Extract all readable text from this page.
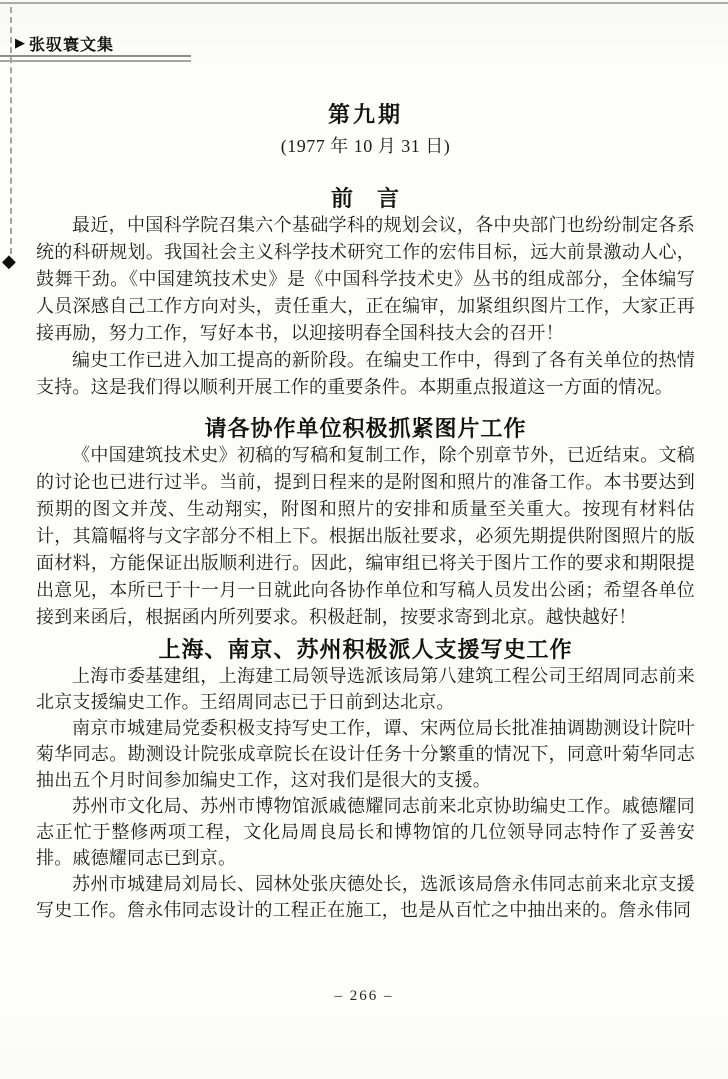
◆
▶ 张驭寰文集
第九期

(1977 年 10 月 31 日)

前　言

最近，中国科学院召集六个基础学科的规划会议，各中央部门也纷纷制定各系统的科研规划。我国社会主义科学技术研究工作的宏伟目标，远大前景激动人心，鼓舞干劲。《中国建筑技术史》是《中国科学技术史》丛书的组成部分，全体编写人员深感自己工作方向对头，责任重大，正在编审，加紧组织图片工作，大家正再接再励，努力工作，写好本书，以迎接明春全国科技大会的召开！

编史工作已进入加工提高的新阶段。在编史工作中，得到了各有关单位的热情支持。这是我们得以顺利开展工作的重要条件。本期重点报道这一方面的情况。

请各协作单位积极抓紧图片工作

《中国建筑技术史》初稿的写稿和复制工作，除个别章节外，已近结束。文稿的讨论也已进行过半。当前，提到日程来的是附图和照片的准备工作。本书要达到预期的图文并茂、生动翔实，附图和照片的安排和质量至关重大。按现有材料估计，其篇幅将与文字部分不相上下。根据出版社要求，必须先期提供附图照片的版面材料，方能保证出版顺利进行。因此，编审组已将关于图片工作的要求和期限提出意见，本所已于十一月一日就此向各协作单位和写稿人员发出公函；希望各单位接到来函后，根据函内所列要求。积极赶制，按要求寄到北京。越快越好！

上海、南京、苏州积极派人支援写史工作

上海市委基建组，上海建工局领导选派该局第八建筑工程公司王绍周同志前来北京支援编史工作。王绍周同志已于日前到达北京。

南京市城建局党委积极支持写史工作，谭、宋两位局长批准抽调勘测设计院叶菊华同志。勘测设计院张成章院长在设计任务十分繁重的情况下，同意叶菊华同志抽出五个月时间参加编史工作，这对我们是很大的支援。

苏州市文化局、苏州市博物馆派戚德耀同志前来北京协助编史工作。戚德耀同志正忙于整修两项工程，文化局周良局长和博物馆的几位领导同志特作了妥善安排。戚德耀同志已到京。

苏州市城建局刘局长、园林处张庆德处长，选派该局詹永伟同志前来北京支援写史工作。詹永伟同志设计的工程正在施工，也是从百忙之中抽出来的。詹永伟同

– 266 –
